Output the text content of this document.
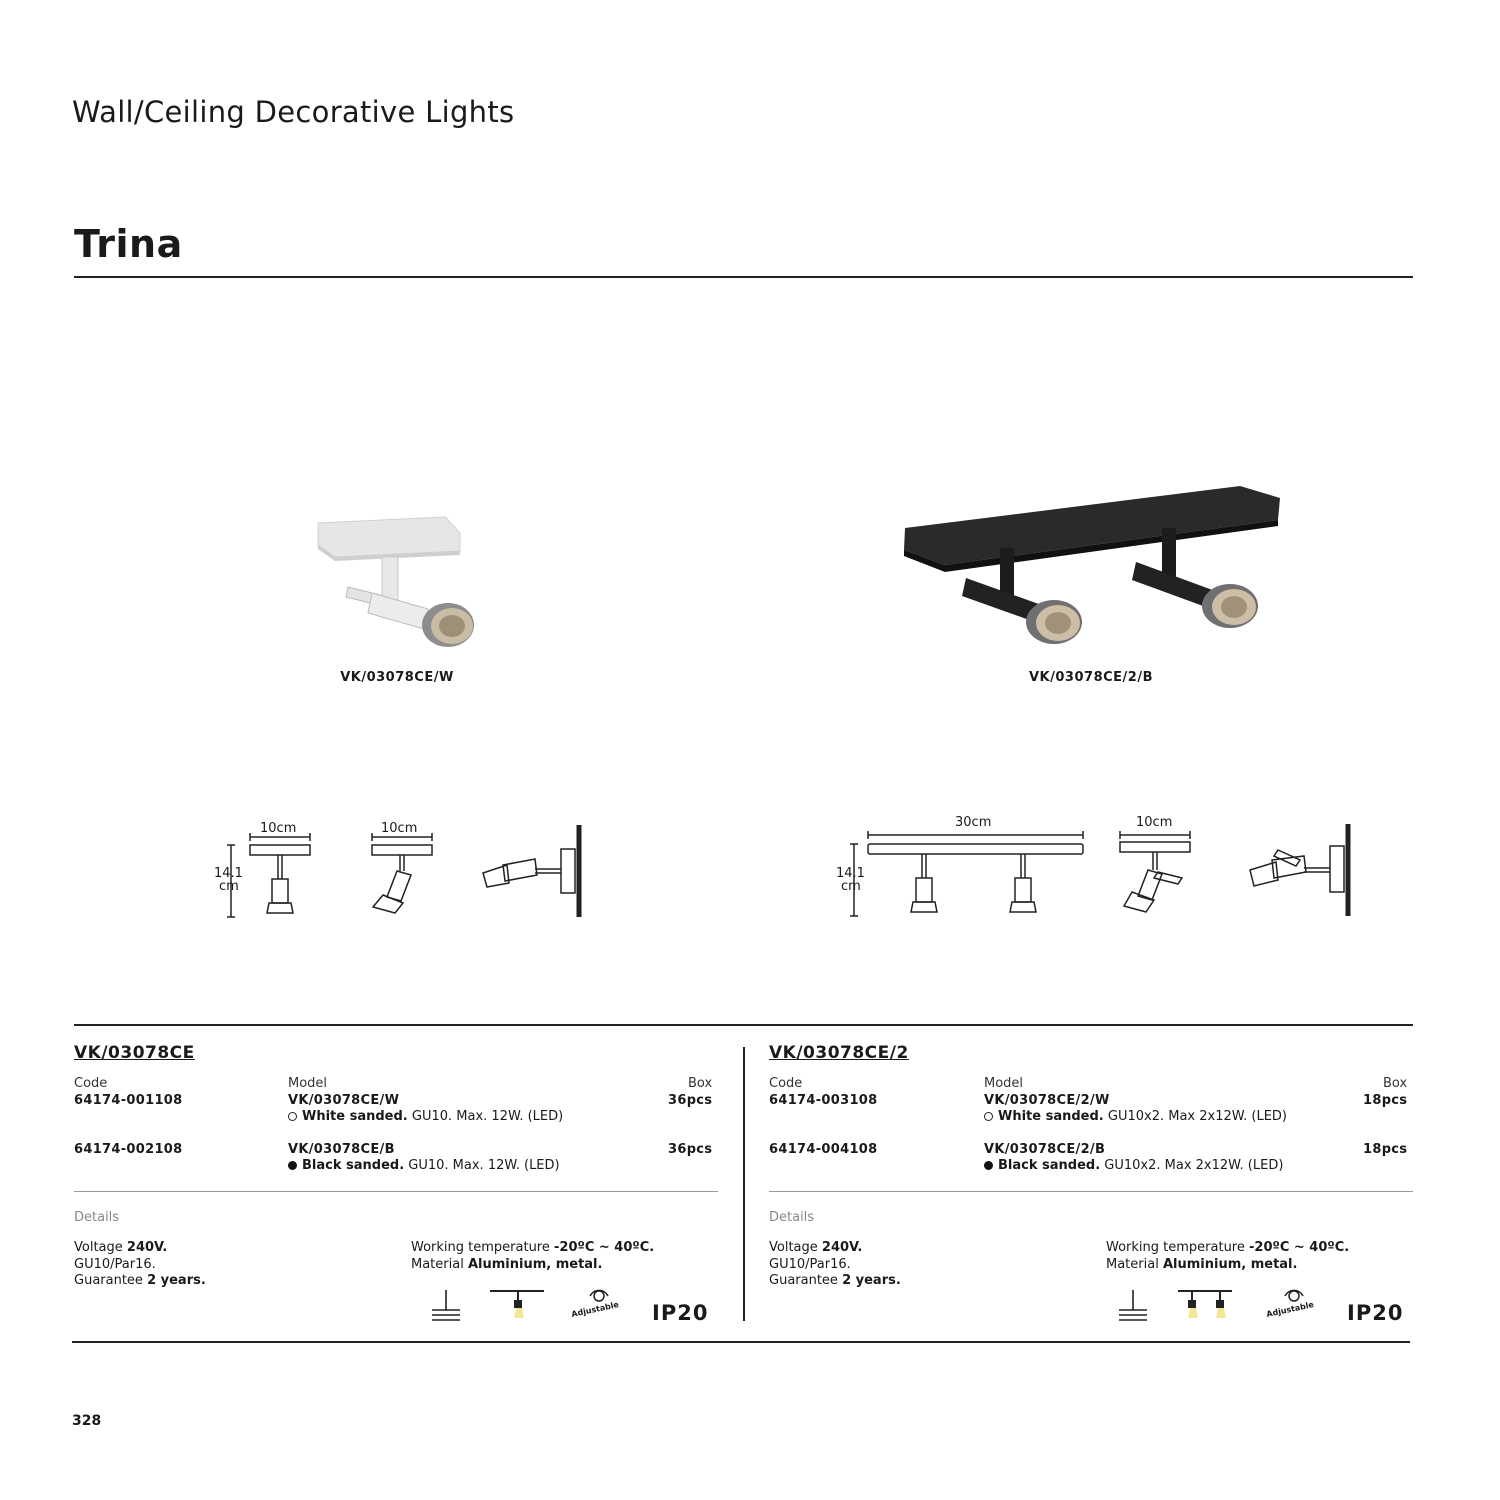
Wall/Ceiling Decorative Lights
Trina
VK/03078CE/W	VK/03078CE/2/B
10cm	10cm
14.1
cm
30cm	10cm
14.1
cm
VK/03078CE
Code	Model	Box
64174-001108	VK/03078CE/W	36pcs
White sanded. GU10. Max. 12W. (LED)
64174-002108	VK/03078CE/B	36pcs
Black sanded. GU10. Max. 12W. (LED)
Details
Voltage 240V.
GU10/Par16.
Guarantee 2 years.
Working temperature -20ºC ~ 40ºC.
Material Aluminium, metal.
Adjustable IP20
VK/03078CE/2
Code	Model	Box
64174-003108	VK/03078CE/2/W	18pcs
White sanded. GU10x2. Max 2x12W. (LED)
64174-004108	VK/03078CE/2/B	18pcs
Black sanded. GU10x2. Max 2x12W. (LED)
Details
Voltage 240V.
GU10/Par16.
Guarantee 2 years.
Working temperature -20ºC ~ 40ºC.
Material Aluminium, metal.
Adjustable IP20
328
